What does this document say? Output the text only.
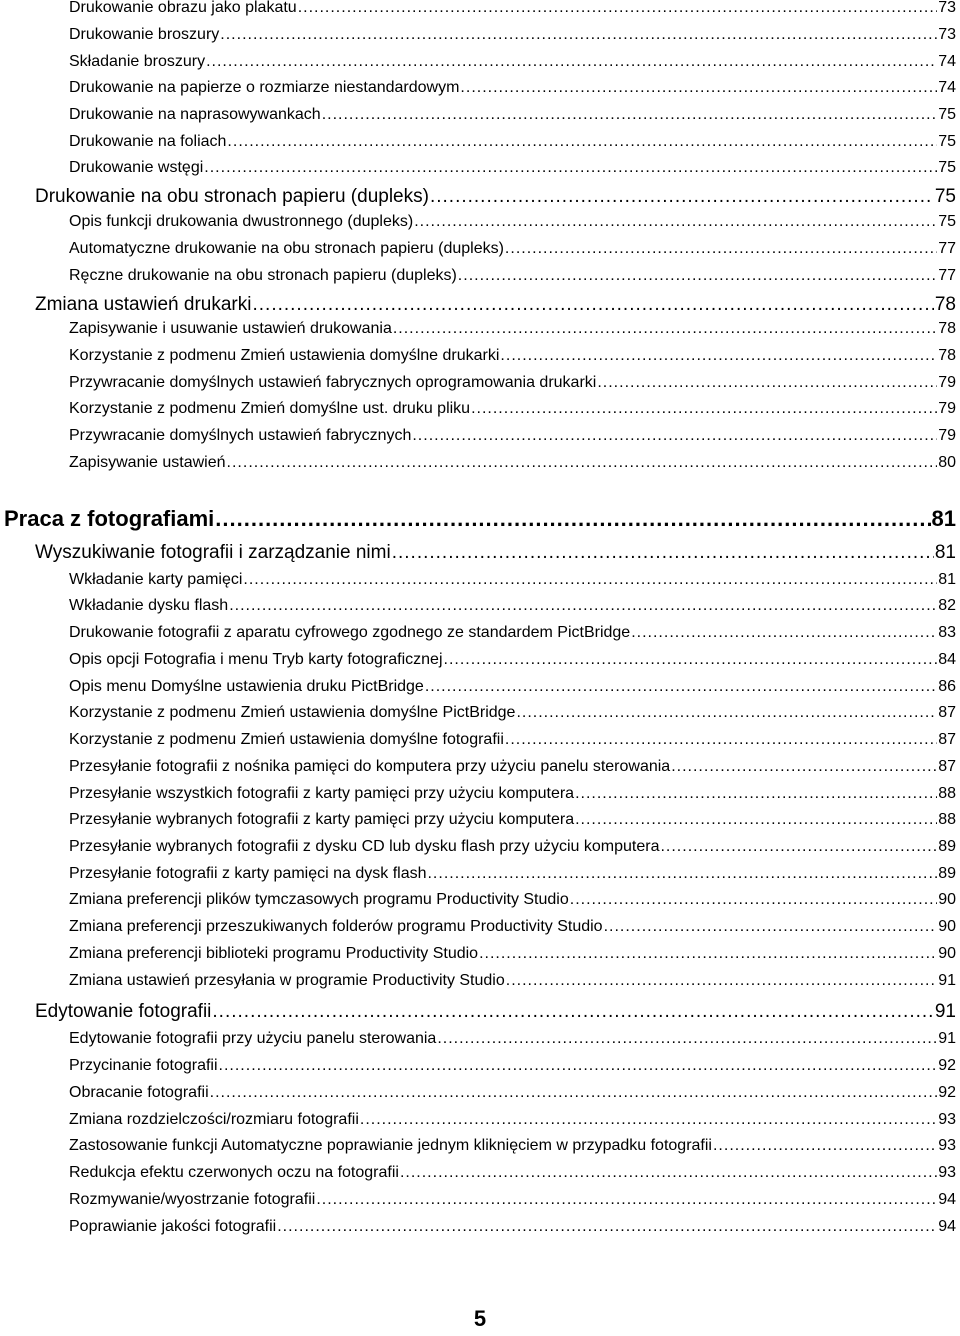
Drukowanie obrazu jako plakatu .....	73
Drukowanie broszury .....	73
Składanie broszury .....	74
Drukowanie na papierze o rozmiarze niestandardowym .....	74
Drukowanie na naprasowywankach .....	75
Drukowanie na foliach .....	75
Drukowanie wstęgi .....	75
Drukowanie na obu stronach papieru (dupleks) .....	75
Opis funkcji drukowania dwustronnego (dupleks) .....	75
Automatyczne drukowanie na obu stronach papieru (dupleks) .....	77
Ręczne drukowanie na obu stronach papieru (dupleks) .....	77
Zmiana ustawień drukarki .....	78
Zapisywanie i usuwanie ustawień drukowania .....	78
Korzystanie z podmenu Zmień ustawienia domyślne drukarki .....	78
Przywracanie domyślnych ustawień fabrycznych oprogramowania drukarki .....	79
Korzystanie z podmenu Zmień domyślne ust. druku pliku .....	79
Przywracanie domyślnych ustawień fabrycznych .....	79
Zapisywanie ustawień .....	80
Praca z fotografiami .....	81
Wyszukiwanie fotografii i zarządzanie nimi .....	81
Wkładanie karty pamięci .....	81
Wkładanie dysku flash .....	82
Drukowanie fotografii z aparatu cyfrowego zgodnego ze standardem PictBridge .....	83
Opis opcji Fotografia i menu Tryb karty fotograficznej .....	84
Opis menu Domyślne ustawienia druku PictBridge .....	86
Korzystanie z podmenu Zmień ustawienia domyślne PictBridge .....	87
Korzystanie z podmenu Zmień ustawienia domyślne fotografii .....	87
Przesyłanie fotografii z nośnika pamięci do komputera przy użyciu panelu sterowania .....	87
Przesyłanie wszystkich fotografii z karty pamięci przy użyciu komputera .....	88
Przesyłanie wybranych fotografii z karty pamięci przy użyciu komputera .....	88
Przesyłanie wybranych fotografii z dysku CD lub dysku flash przy użyciu komputera .....	89
Przesyłanie fotografii z karty pamięci na dysk flash .....	89
Zmiana preferencji plików tymczasowych programu Productivity Studio .....	90
Zmiana preferencji przeszukiwanych folderów programu Productivity Studio .....	90
Zmiana preferencji biblioteki programu Productivity Studio .....	90
Zmiana ustawień przesyłania w programie Productivity Studio .....	91
Edytowanie fotografii .....	91
Edytowanie fotografii przy użyciu panelu sterowania .....	91
Przycinanie fotografii .....	92
Obracanie fotografii .....	92
Zmiana rozdzielczości/rozmiaru fotografii .....	93
Zastosowanie funkcji Automatyczne poprawianie jednym kliknięciem w przypadku fotografii .....	93
Redukcja efektu czerwonych oczu na fotografii .....	93
Rozmywanie/wyostrzanie fotografii .....	94
Poprawianie jakości fotografii .....	94
5
